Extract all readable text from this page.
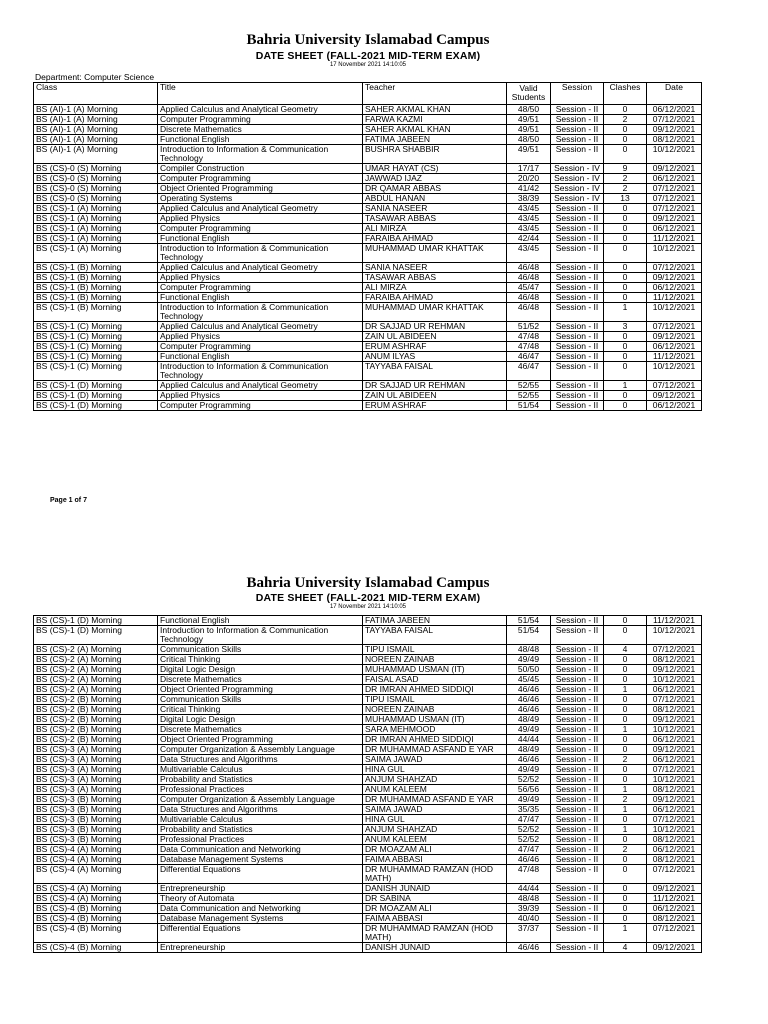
Bahria University Islamabad Campus
DATE SHEET (FALL-2021 MID-TERM EXAM)
17 November 2021 14:10:05
Department: Computer Science
Class	Title	Teacher	Valid Students	Session	Clashes	Date
BS (AI)-1 (A) Morning	Applied Calculus and Analytical Geometry	SAHER AKMAL KHAN	48/50	Session - II	0	06/12/2021
BS (AI)-1 (A) Morning	Computer Programming	FARWA KAZMI	49/51	Session - II	2	07/12/2021
BS (AI)-1 (A) Morning	Discrete Mathematics	SAHER AKMAL KHAN	49/51	Session - II	0	09/12/2021
BS (AI)-1 (A) Morning	Functional English	FATIMA JABEEN	48/50	Session - II	0	08/12/2021
BS (AI)-1 (A) Morning	Introduction to Information & Communication Technology	BUSHRA SHABBIR	49/51	Session - II	0	10/12/2021
BS (CS)-0 (S) Morning	Compiler Construction	UMAR HAYAT (CS)	17/17	Session - IV	9	09/12/2021
BS (CS)-0 (S) Morning	Computer Programming	JAWWAD IJAZ	20/20	Session - IV	2	06/12/2021
BS (CS)-0 (S) Morning	Object Oriented Programming	DR QAMAR ABBAS	41/42	Session - IV	2	07/12/2021
BS (CS)-0 (S) Morning	Operating Systems	ABDUL HANAN	38/39	Session - IV	13	07/12/2021
BS (CS)-1 (A) Morning	Applied Calculus and Analytical Geometry	SANIA NASEER	43/45	Session - II	0	07/12/2021
BS (CS)-1 (A) Morning	Applied Physics	TASAWAR ABBAS	43/45	Session - II	0	09/12/2021
BS (CS)-1 (A) Morning	Computer Programming	ALI MIRZA	43/45	Session - II	0	06/12/2021
BS (CS)-1 (A) Morning	Functional English	FARAIBA AHMAD	42/44	Session - II	0	11/12/2021
BS (CS)-1 (A) Morning	Introduction to Information & Communication Technology	MUHAMMAD UMAR KHATTAK	43/45	Session - II	0	10/12/2021
BS (CS)-1 (B) Morning	Applied Calculus and Analytical Geometry	SANIA NASEER	46/48	Session - II	0	07/12/2021
BS (CS)-1 (B) Morning	Applied Physics	TASAWAR ABBAS	46/48	Session - II	0	09/12/2021
BS (CS)-1 (B) Morning	Computer Programming	ALI MIRZA	45/47	Session - II	0	06/12/2021
BS (CS)-1 (B) Morning	Functional English	FARAIBA AHMAD	46/48	Session - II	0	11/12/2021
BS (CS)-1 (B) Morning	Introduction to Information & Communication Technology	MUHAMMAD UMAR KHATTAK	46/48	Session - II	1	10/12/2021
BS (CS)-1 (C) Morning	Applied Calculus and Analytical Geometry	DR SAJJAD UR REHMAN	51/52	Session - II	3	07/12/2021
BS (CS)-1 (C) Morning	Applied Physics	ZAIN UL ABIDEEN	47/48	Session - II	0	09/12/2021
BS (CS)-1 (C) Morning	Computer Programming	ERUM ASHRAF	47/48	Session - II	0	06/12/2021
BS (CS)-1 (C) Morning	Functional English	ANUM ILYAS	46/47	Session - II	0	11/12/2021
BS (CS)-1 (C) Morning	Introduction to Information & Communication Technology	TAYYABA FAISAL	46/47	Session - II	0	10/12/2021
BS (CS)-1 (D) Morning	Applied Calculus and Analytical Geometry	DR SAJJAD UR REHMAN	52/55	Session - II	1	07/12/2021
BS (CS)-1 (D) Morning	Applied Physics	ZAIN UL ABIDEEN	52/55	Session - II	0	09/12/2021
BS (CS)-1 (D) Morning	Computer Programming	ERUM ASHRAF	51/54	Session - II	0	06/12/2021
Page 1 of 7
Bahria University Islamabad Campus
DATE SHEET (FALL-2021 MID-TERM EXAM)
17 November 2021 14:10:05
BS (CS)-1 (D) Morning	Functional English	FATIMA JABEEN	51/54	Session - II	0	11/12/2021
BS (CS)-1 (D) Morning	Introduction to Information & Communication Technology	TAYYABA FAISAL	51/54	Session - II	0	10/12/2021
BS (CS)-2 (A) Morning	Communication Skills	TIPU ISMAIL	48/48	Session - II	4	07/12/2021
BS (CS)-2 (A) Morning	Critical Thinking	NOREEN ZAINAB	49/49	Session - II	0	08/12/2021
BS (CS)-2 (A) Morning	Digital Logic Design	MUHAMMAD USMAN (IT)	50/50	Session - II	0	09/12/2021
BS (CS)-2 (A) Morning	Discrete Mathematics	FAISAL ASAD	45/45	Session - II	0	10/12/2021
BS (CS)-2 (A) Morning	Object Oriented Programming	DR IMRAN AHMED SIDDIQI	46/46	Session - II	1	06/12/2021
BS (CS)-2 (B) Morning	Communication Skills	TIPU ISMAIL	46/46	Session - II	0	07/12/2021
BS (CS)-2 (B) Morning	Critical Thinking	NOREEN ZAINAB	46/46	Session - II	0	08/12/2021
BS (CS)-2 (B) Morning	Digital Logic Design	MUHAMMAD USMAN (IT)	48/49	Session - II	0	09/12/2021
BS (CS)-2 (B) Morning	Discrete Mathematics	SARA MEHMOOD	49/49	Session - II	1	10/12/2021
BS (CS)-2 (B) Morning	Object Oriented Programming	DR IMRAN AHMED SIDDIQI	44/44	Session - II	0	06/12/2021
BS (CS)-3 (A) Morning	Computer Organization & Assembly Language	DR MUHAMMAD ASFAND E YAR	48/49	Session - II	0	09/12/2021
BS (CS)-3 (A) Morning	Data Structures and Algorithms	SAIMA JAWAD	46/46	Session - II	2	06/12/2021
BS (CS)-3 (A) Morning	Multivariable Calculus	HINA GUL	49/49	Session - II	0	07/12/2021
BS (CS)-3 (A) Morning	Probability and Statistics	ANJUM SHAHZAD	52/52	Session - II	0	10/12/2021
BS (CS)-3 (A) Morning	Professional Practices	ANUM KALEEM	56/56	Session - II	1	08/12/2021
BS (CS)-3 (B) Morning	Computer Organization & Assembly Language	DR MUHAMMAD ASFAND E YAR	49/49	Session - II	2	09/12/2021
BS (CS)-3 (B) Morning	Data Structures and Algorithms	SAIMA JAWAD	35/35	Session - II	1	06/12/2021
BS (CS)-3 (B) Morning	Multivariable Calculus	HINA GUL	47/47	Session - II	0	07/12/2021
BS (CS)-3 (B) Morning	Probability and Statistics	ANJUM SHAHZAD	52/52	Session - II	1	10/12/2021
BS (CS)-3 (B) Morning	Professional Practices	ANUM KALEEM	52/52	Session - II	0	08/12/2021
BS (CS)-4 (A) Morning	Data Communication and Networking	DR MOAZAM ALI	47/47	Session - II	2	06/12/2021
BS (CS)-4 (A) Morning	Database Management Systems	FAIMA ABBASI	46/46	Session - II	0	08/12/2021
BS (CS)-4 (A) Morning	Differential Equations	DR MUHAMMAD RAMZAN (HOD MATH)	47/48	Session - II	0	07/12/2021
BS (CS)-4 (A) Morning	Entrepreneurship	DANISH JUNAID	44/44	Session - II	0	09/12/2021
BS (CS)-4 (A) Morning	Theory of Automata	DR SABINA	48/48	Session - II	0	11/12/2021
BS (CS)-4 (B) Morning	Data Communication and Networking	DR MOAZAM ALI	39/39	Session - II	0	06/12/2021
BS (CS)-4 (B) Morning	Database Management Systems	FAIMA ABBASI	40/40	Session - II	0	08/12/2021
BS (CS)-4 (B) Morning	Differential Equations	DR MUHAMMAD RAMZAN (HOD MATH)	37/37	Session - II	1	07/12/2021
BS (CS)-4 (B) Morning	Entrepreneurship	DANISH JUNAID	46/46	Session - II	4	09/12/2021
